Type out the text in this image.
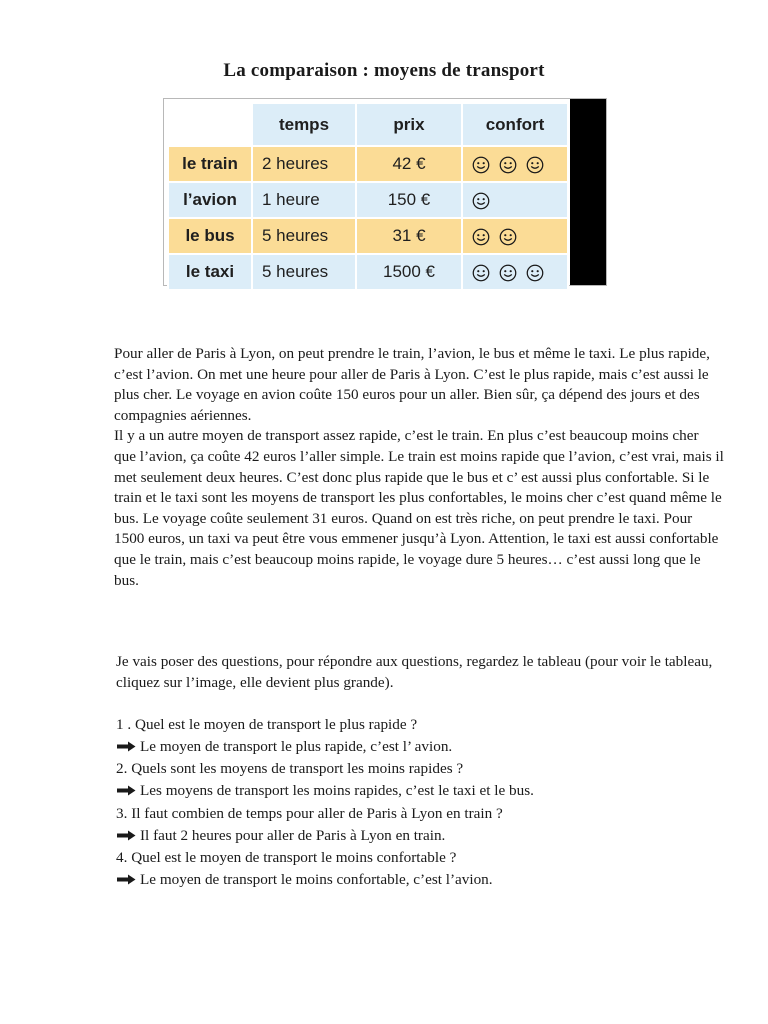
La comparaison : moyens de transport
	temps	prix	confort
le train	2 heures	42 €	

l’avion	1 heure	150 €	

le bus	5 heures	31 €	

le taxi	5 heures	1500 €	
Pour aller de Paris à Lyon, on peut prendre le train, l’avion, le bus et même le taxi. Le plus rapide, c’est l’avion. On met une heure pour aller de Paris à Lyon. C’est le plus rapide, mais c’est aussi le plus cher. Le voyage en avion coûte 150 euros pour un aller. Bien sûr, ça dépend des jours et des compagnies aériennes.
Il y a un autre moyen de transport assez rapide, c’est le train. En plus c’est beaucoup moins cher que l’avion, ça coûte 42 euros l’aller simple. Le train est moins rapide que l’avion, c’est vrai, mais il met seulement deux heures. C’est donc plus rapide que le bus et c’ est aussi plus confortable. Si le train et le taxi sont les moyens de transport les plus confortables, le moins cher c’est quand même le bus. Le voyage coûte seulement 31 euros. Quand on est très riche, on peut prendre le taxi. Pour 1500 euros, un taxi va peut être vous emmener jusqu’à Lyon. Attention, le taxi est aussi confortable que le train, mais c’est beaucoup moins rapide, le voyage dure 5 heures… c’est aussi long que le bus.
Je vais poser des questions, pour répondre aux questions, regardez le tableau (pour voir le tableau, cliquez sur l’image, elle devient plus grande).
1 . Quel est le moyen de transport le plus rapide ?
Le moyen de transport le plus rapide, c’est l’ avion.
2. Quels sont les moyens de transport les moins rapides ?
Les moyens de transport les moins rapides, c’est le taxi et le bus.
3. Il faut combien de temps pour aller de Paris à Lyon en train ?
Il faut 2 heures pour aller de Paris à Lyon en train.
4. Quel est le moyen de transport le moins confortable ?
Le moyen de transport le moins confortable, c’est l’avion.
